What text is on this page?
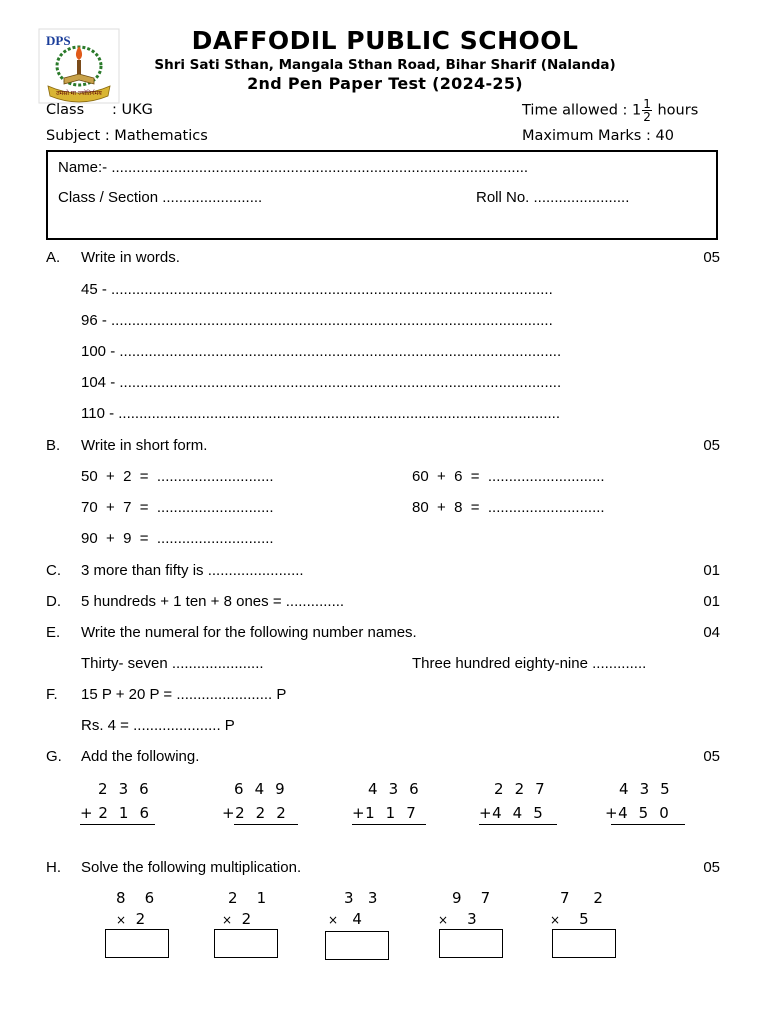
DPS
तमसो मा ज्योतिर्गमय
DAFFODIL PUBLIC SCHOOL
Shri Sati Sthan, Mangala Sthan Road, Bihar Sharif (Nalanda)
2nd Pen Paper Test (2024-25)
Class : UKG	Time allowed : $1 \frac{1}{2}$ hours
Subject : Mathematics	Maximum Marks : 40
Name:- ....................................................................................................
Class / Section ........................	Roll No. .......................
A. Write in words.	05
45 - ..........................................................................................................
96 - ..........................................................................................................
100 - ..........................................................................................................
104 - ..........................................................................................................
110 - ..........................................................................................................
B. Write in short form.	05
50  +  2  =  ............................	60  +  6  =  ............................
70  +  7  =  ............................	80  +  8  =  ............................
90  +  9  =  ............................
C. 3 more than fifty is .......................	01
D. 5 hundreds + 1 ten + 8 ones = ..............	01
E. Write the numeral for the following number names.	04
Thirty- seven ......................	Three hundred eighty-nine .............
F. 15 P + 20 P = ....................... P
Rs. 4 = ..................... P
G. Add the following.	05
2  3  6
+ 2  1  6
6  4  9
+2  2  2
4  3  6
+1  1  7
2  2  7
+4  4  5
4  3  5
+4  5  0
H. Solve the following multiplication.	05
8    6
× 2
2    1
× 2
3   3
× 4
9    7
× 3
7     2
× 5
